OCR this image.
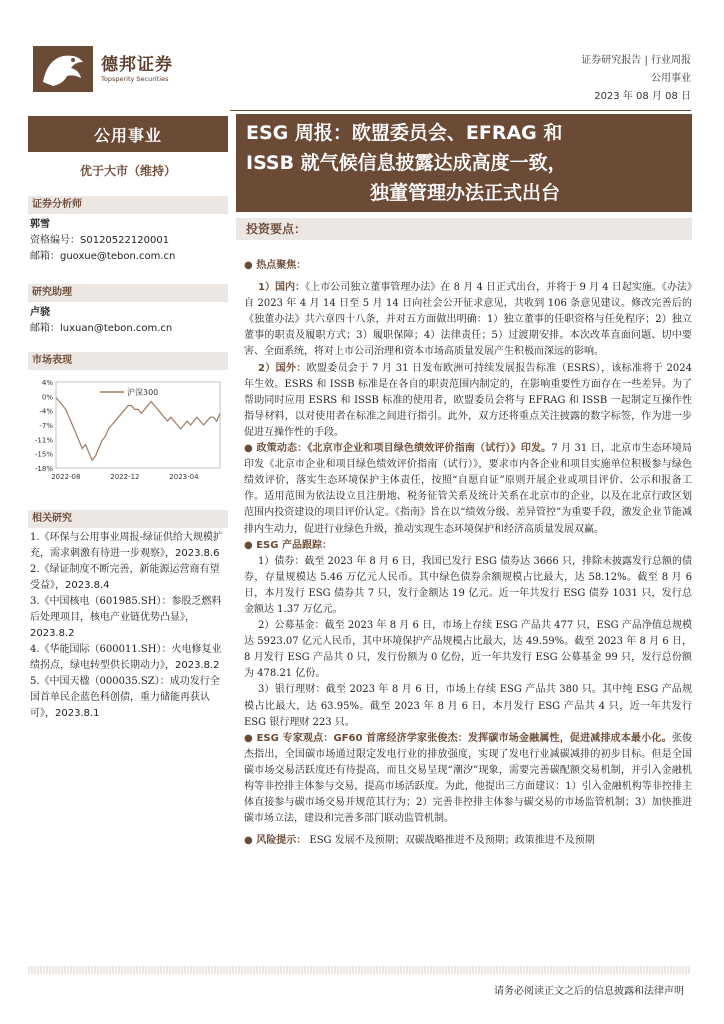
德邦证券
Topsperity Securities
证券研究报告 | 行业周报
公用事业
2023 年 08 月 08 日
公用事业
优于大市（维持）
证券分析师
郭雪
资格编号：S0120522120001
邮箱：guoxue@tebon.com.cn
研究助理
卢骁
邮箱：luxuan@tebon.com.cn
市场表现
4%
0%
-4%
-7%
-11%
-15%
-18%
2022-08	2022-12	2023-04
沪深300
相关研究
1.《环保与公用事业周报-绿证供给大规模扩充，需求刺激有待进一步观察》，2023.8.6
2.《绿证制度不断完善，新能源运营商有望受益》，2023.8.4
3.《中国核电（601985.SH）：参股乏燃料后处理项目，核电产业链优势凸显》，2023.8.2
4.《华能国际（600011.SH）：火电修复业绩拐点，绿电转型供长期动力》，2023.8.2
5.《中国天楹（000035.SZ）：成功发行全国首单民企蓝色科创债，重力储能再获认可》，2023.8.1
ESG 周报：欧盟委员会、EFRAG 和
ISSB 就气候信息披露达成高度一致，
独董管理办法正式出台
投资要点：

● 热点聚焦：

1）国内：《上市公司独立董事管理办法》在 8 月 4 日正式出台，并将于 9 月 4 日起实施。《办法》自 2023 年 4 月 14 日至 5 月 14 日向社会公开征求意见，共收到 106 条意见建议。修改完善后的《独董办法》共六章四十八条，并对五方面做出明确：1）独立董事的任职资格与任免程序；2）独立董事的职责及履职方式；3）履职保障；4）法律责任；5）过渡期安排。本次改革直面问题、切中要害、全面系统，将对上市公司治理和资本市场高质量发展产生积极而深远的影响。

2）国外：欧盟委员会于 7 月 31 日发布欧洲可持续发展报告标准（ESRS），该标准将于 2024 年生效。ESRS 和 ISSB 标准是在各自的职责范围内制定的，在影响重要性方面存在一些差异。为了帮助同时应用 ESRS 和 ISSB 标准的使用者，欧盟委员会将与 EFRAG 和 ISSB 一起制定互操作性指导材料，以对使用者在标准之间进行指引。此外，双方还将重点关注披露的数字标签，作为进一步促进互操作性的手段。

● 政策动态：《北京市企业和项目绿色绩效评价指南（试行）》印发。7 月 31 日，北京市生态环境局印发《北京市企业和项目绿色绩效评价指南（试行）》，要求市内各企业和项目实施单位积极参与绿色绩效评价，落实生态环境保护主体责任，按照“自愿自证”原则开展企业或项目评价、公示和报备工作。适用范围为依法设立且注册地、税务征管关系及统计关系在北京市的企业，以及在北京行政区划范围内投资建设的项目评价认定。《指南》旨在以“绩效分级、差异管控”为重要手段，激发企业节能减排内生动力，促进行业绿色升级，推动实现生态环境保护和经济高质量发展双赢。

● ESG 产品跟踪：

1）债券：截至 2023 年 8 月 6 日，我国已发行 ESG 债券达 3666 只，排除未披露发行总额的债券，存量规模达 5.46 万亿元人民币。其中绿色债券余额规模占比最大，达 58.12%。截至 8 月 6 日，本月发行 ESG 债券共 7 只，发行金额达 19 亿元。近一年共发行 ESG 债券 1031 只，发行总金额达 1.37 万亿元。

2）公募基金：截至 2023 年 8 月 6 日，市场上存续 ESG 产品共 477 只，ESG 产品净值总规模达 5923.07 亿元人民币，其中环境保护产品规模占比最大，达 49.59%。截至 2023 年 8 月 6 日，8 月发行 ESG 产品共 0 只，发行份额为 0 亿份，近一年共发行 ESG 公募基金 99 只，发行总份额为 478.21 亿份。

3）银行理财：截至 2023 年 8 月 6 日，市场上存续 ESG 产品共 380 只。其中纯 ESG 产品规模占比最大，达 63.95%。截至 2023 年 8 月 6 日，本月发行 ESG 产品共 4 只，近一年共发行 ESG 银行理财 223 只。

● ESG 专家观点：GF60 首席经济学家张俊杰：发挥碳市场金融属性，促进减排成本最小化。张俊杰指出，全国碳市场通过限定发电行业的排放强度，实现了发电行业减碳减排的初步目标。但是全国碳市场交易活跃度还有待提高，而且交易呈现“潮汐”现象，需要完善碳配额交易机制，并引入金融机构等非控排主体参与交易，提高市场活跃度。为此，他提出三方面建议：1）引入金融机构等非控排主体直接参与碳市场交易并规范其行为；2）完善非控排主体参与碳交易的市场监管机制；3）加快推进碳市场立法，建设和完善多部门联动监管机制。

● 风险提示： ESG 发展不及预期；双碳战略推进不及预期；政策推进不及预期

请务必阅读正文之后的信息披露和法律声明
